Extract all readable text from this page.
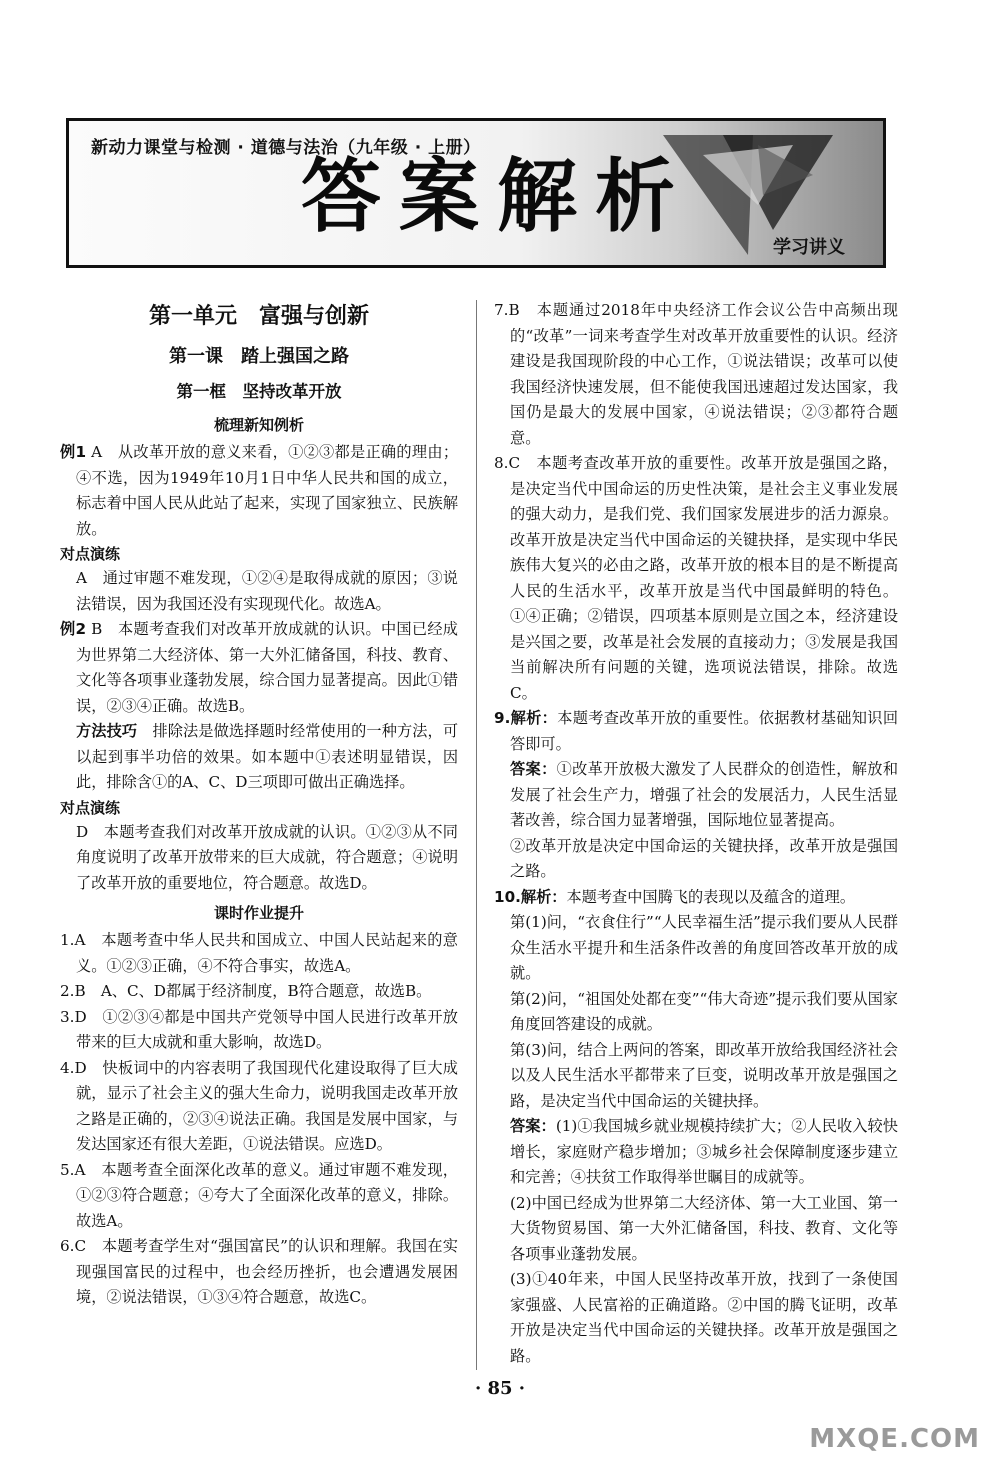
新动力课堂与检测 · 道德与法治（九年级 · 上册）
答案解析
学习讲义
第一单元　富强与创新
第一课　踏上强国之路
第一框　坚持改革开放
梳理新知例析

例1 A　从改革开放的意义来看，①②③都是正确的理由；④不选，因为1949年10月1日中华人民共和国的成立，标志着中国人民从此站了起来，实现了国家独立、民族解放。

对点演练

A　通过审题不难发现，①②④是取得成就的原因；③说法错误，因为我国还没有实现现代化。故选A。

例2 B　本题考查我们对改革开放成就的认识。中国已经成为世界第二大经济体、第一大外汇储备国，科技、教育、文化等各项事业蓬勃发展，综合国力显著提高。因此①错误，②③④正确。故选B。

方法技巧　 排除法是做选择题时经常使用的一种方法，可以起到事半功倍的效果。如本题中①表述明显错误，因此，排除含①的A、C、D三项即可做出正确选择。

对点演练

D　本题考查我们对改革开放成就的认识。①②③从不同角度说明了改革开放带来的巨大成就，符合题意；④说明了改革开放的重要地位，符合题意。故选D。

课时作业提升

1.A　本题考查中华人民共和国成立、中国人民站起来的意义。①②③正确，④不符合事实，故选A。

2.B　A、C、D都属于经济制度，B符合题意，故选B。

3.D　①②③④都是中国共产党领导中国人民进行改革开放带来的巨大成就和重大影响，故选D。

4.D　快板词中的内容表明了我国现代化建设取得了巨大成就，显示了社会主义的强大生命力，说明我国走改革开放之路是正确的，②③④说法正确。我国是发展中国家，与发达国家还有很大差距，①说法错误。应选D。

5.A　本题考查全面深化改革的意义。通过审题不难发现，①②③符合题意；④夸大了全面深化改革的意义，排除。故选A。

6.C　本题考查学生对“强国富民”的认识和理解。我国在实现强国富民的过程中，也会经历挫折，也会遭遇发展困境，②说法错误，①③④符合题意，故选C。

7.B　本题通过2018年中央经济工作会议公告中高频出现的“改革”一词来考查学生对改革开放重要性的认识。经济建设是我国现阶段的中心工作，①说法错误；改革可以使我国经济快速发展，但不能使我国迅速超过发达国家，我国仍是最大的发展中国家，④说法错误；②③都符合题意。

8.C　本题考查改革开放的重要性。改革开放是强国之路，是决定当代中国命运的历史性决策，是社会主义事业发展的强大动力，是我们党、我们国家发展进步的活力源泉。改革开放是决定当代中国命运的关键抉择，是实现中华民族伟大复兴的必由之路，改革开放的根本目的是不断提高人民的生活水平，改革开放是当代中国最鲜明的特色。①④正确；②错误，四项基本原则是立国之本，经济建设是兴国之要，改革是社会发展的直接动力；③发展是我国当前解决所有问题的关键，选项说法错误，排除。故选C。

9.解析：本题考查改革开放的重要性。依据教材基础知识回答即可。

答案：①改革开放极大激发了人民群众的创造性，解放和发展了社会生产力，增强了社会的发展活力，人民生活显著改善，综合国力显著增强，国际地位显著提高。

②改革开放是决定中国命运的关键抉择，改革开放是强国之路。

10.解析：本题考查中国腾飞的表现以及蕴含的道理。

第(1)问，“衣食住行”“人民幸福生活”提示我们要从人民群众生活水平提升和生活条件改善的角度回答改革开放的成就。

第(2)问，“祖国处处都在变”“伟大奇迹”提示我们要从国家角度回答建设的成就。

第(3)问，结合上两问的答案，即改革开放给我国经济社会以及人民生活水平都带来了巨变，说明改革开放是强国之路，是决定当代中国命运的关键抉择。

答案：(1)①我国城乡就业规模持续扩大；②人民收入较快增长，家庭财产稳步增加；③城乡社会保障制度逐步建立和完善；④扶贫工作取得举世瞩目的成就等。

(2)中国已经成为世界第二大经济体、第一大工业国、第一大货物贸易国、第一大外汇储备国，科技、教育、文化等各项事业蓬勃发展。

(3)①40年来，中国人民坚持改革开放，找到了一条使国家强盛、人民富裕的正确道路。②中国的腾飞证明，改革开放是决定当代中国命运的关键抉择。改革开放是强国之路。

· 85 ·
MXQE.COM
